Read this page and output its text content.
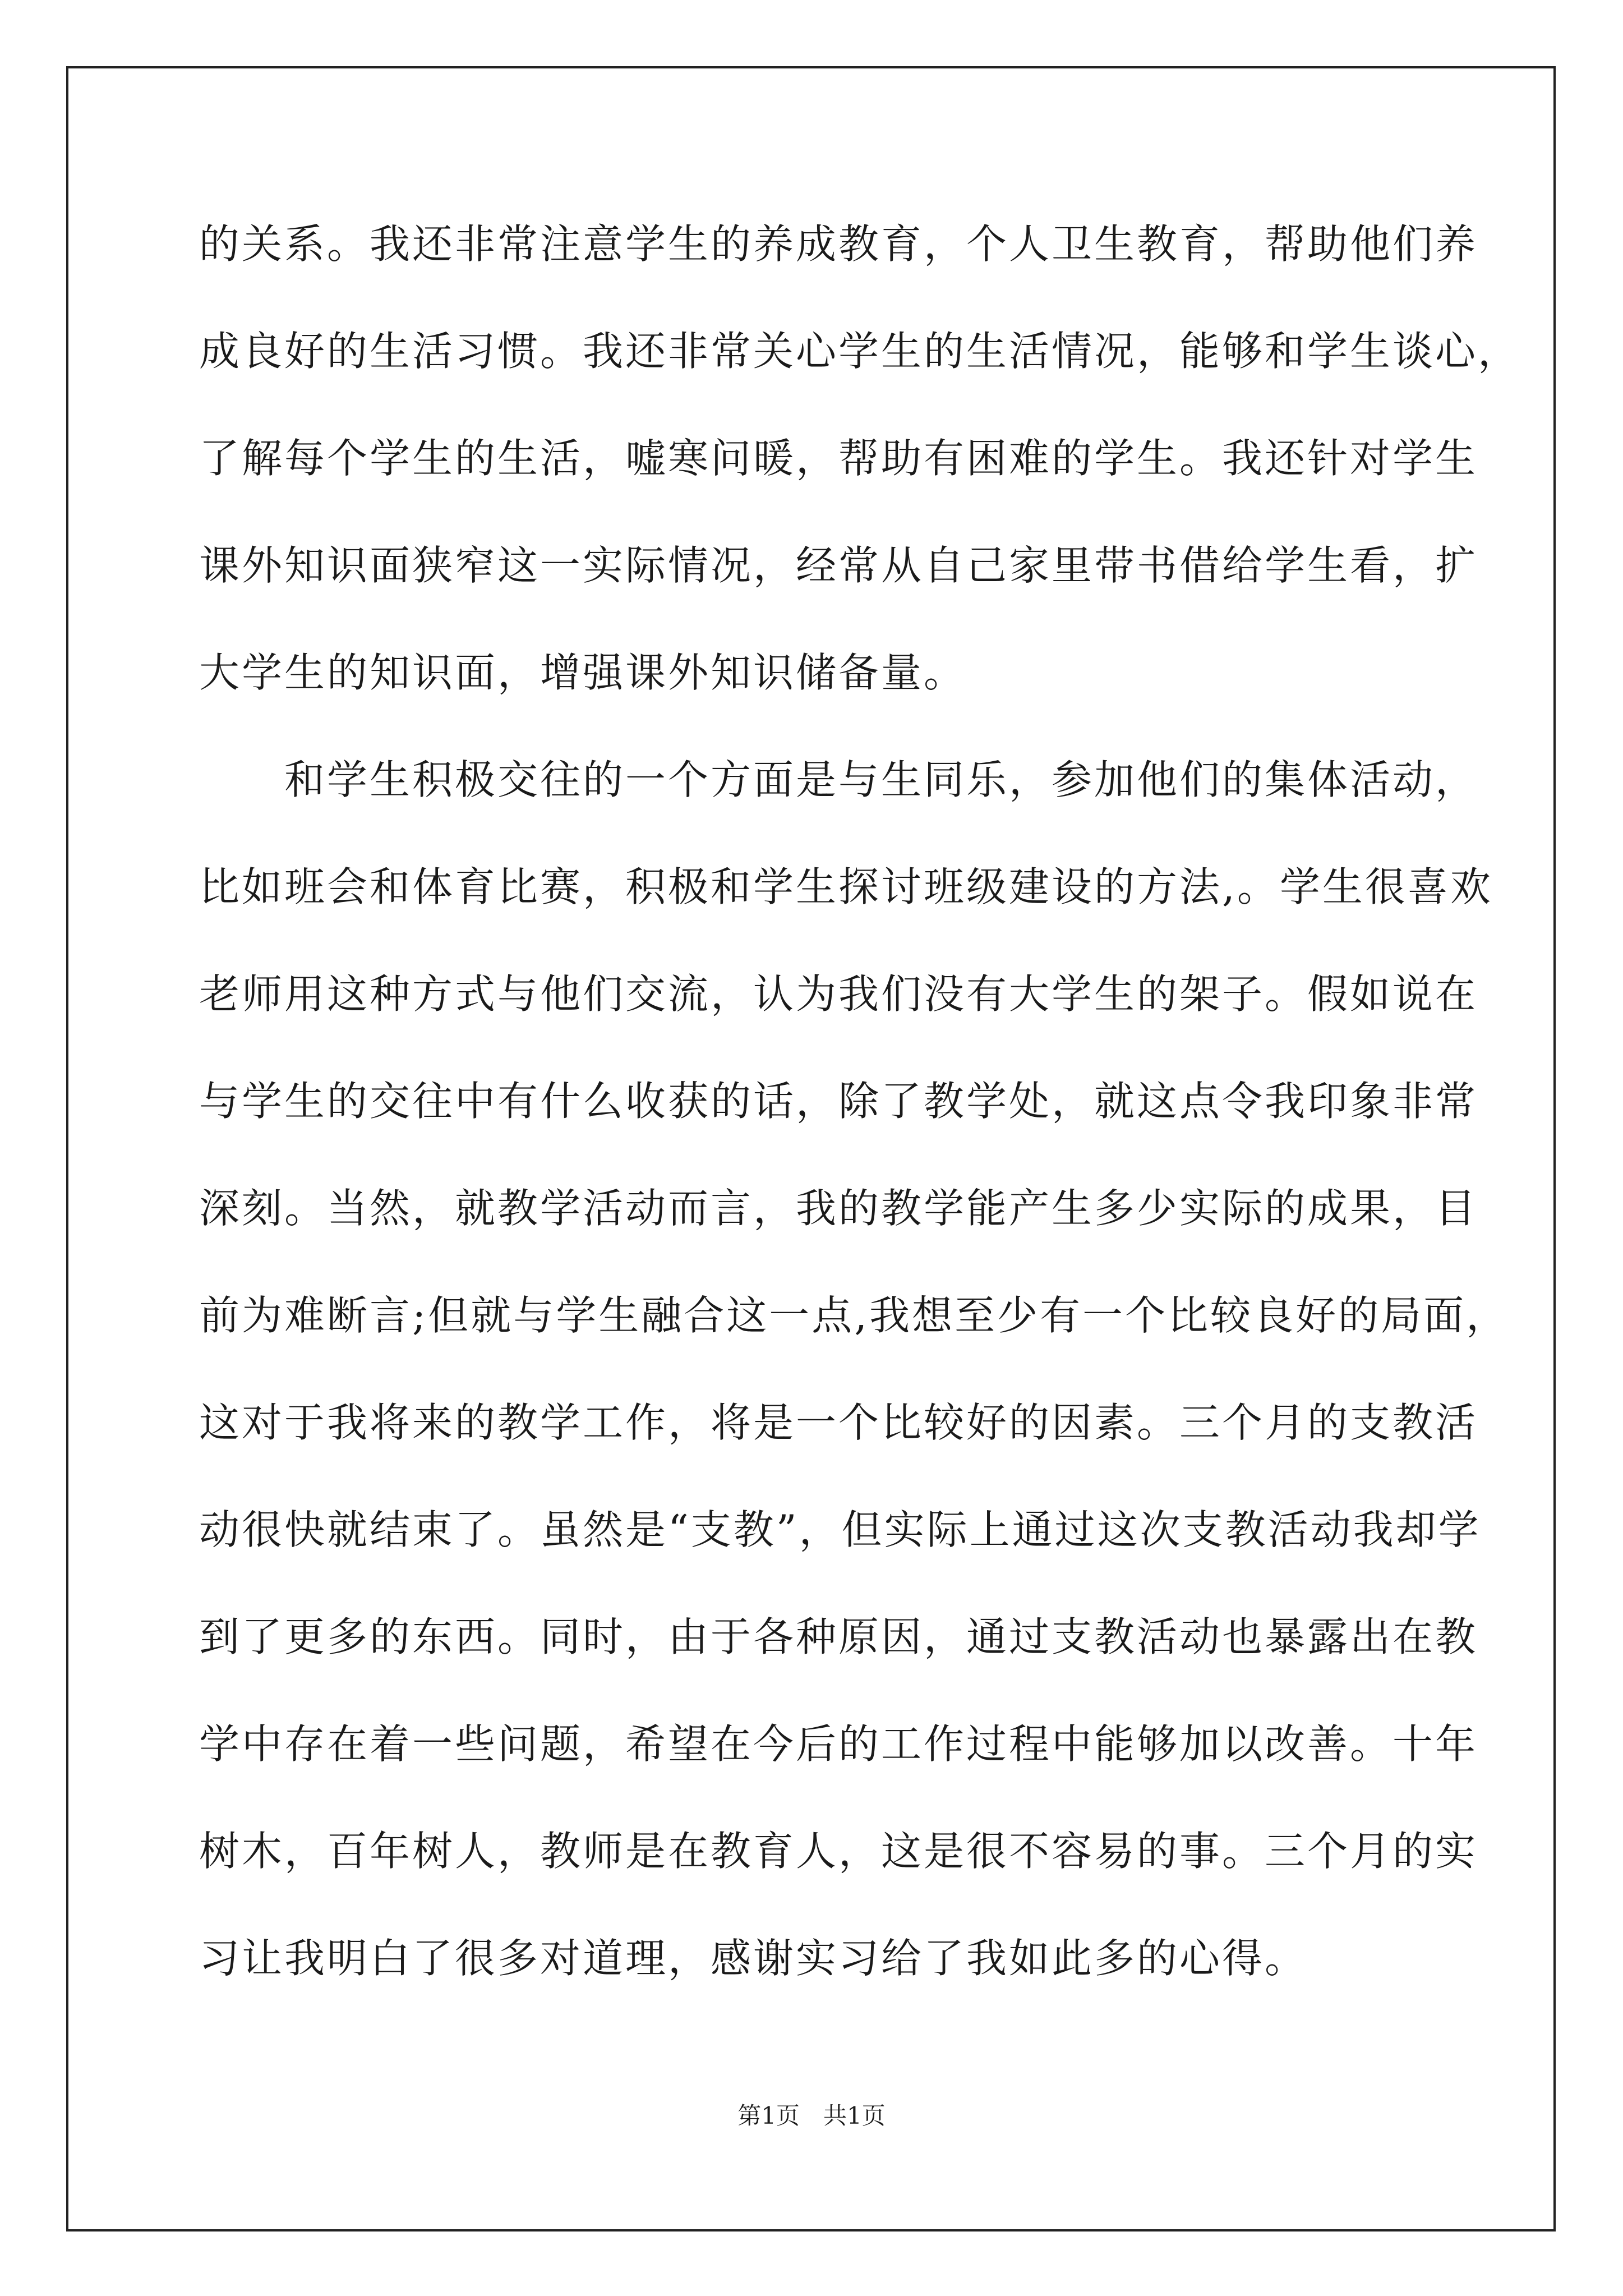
的关系。我还非常注意学生的养成教育，个人卫生教育，帮助他们养
成良好的生活习惯。我还非常关心学生的生活情况，能够和学生谈心，
了解每个学生的生活，嘘寒问暖，帮助有困难的学生。我还针对学生
课外知识面狭窄这一实际情况，经常从自己家里带书借给学生看，扩
大学生的知识面，增强课外知识储备量。
　　和学生积极交往的一个方面是与生同乐，参加他们的集体活动，
比如班会和体育比赛，积极和学生探讨班级建设的方法,。学生很喜欢
老师用这种方式与他们交流，认为我们没有大学生的架子。假如说在
与学生的交往中有什么收获的话，除了教学处，就这点令我印象非常
深刻。当然，就教学活动而言，我的教学能产生多少实际的成果，目
前为难断言;但就与学生融合这一点,我想至少有一个比较良好的局面，
这对于我将来的教学工作，将是一个比较好的因素。三个月的支教活
动很快就结束了。虽然是“支教”，但实际上通过这次支教活动我却学
到了更多的东西。同时，由于各种原因，通过支教活动也暴露出在教
学中存在着一些问题，希望在今后的工作过程中能够加以改善。十年
树木，百年树人，教师是在教育人，这是很不容易的事。三个月的实
习让我明白了很多对道理，感谢实习给了我如此多的心得。
第1页　共1页
